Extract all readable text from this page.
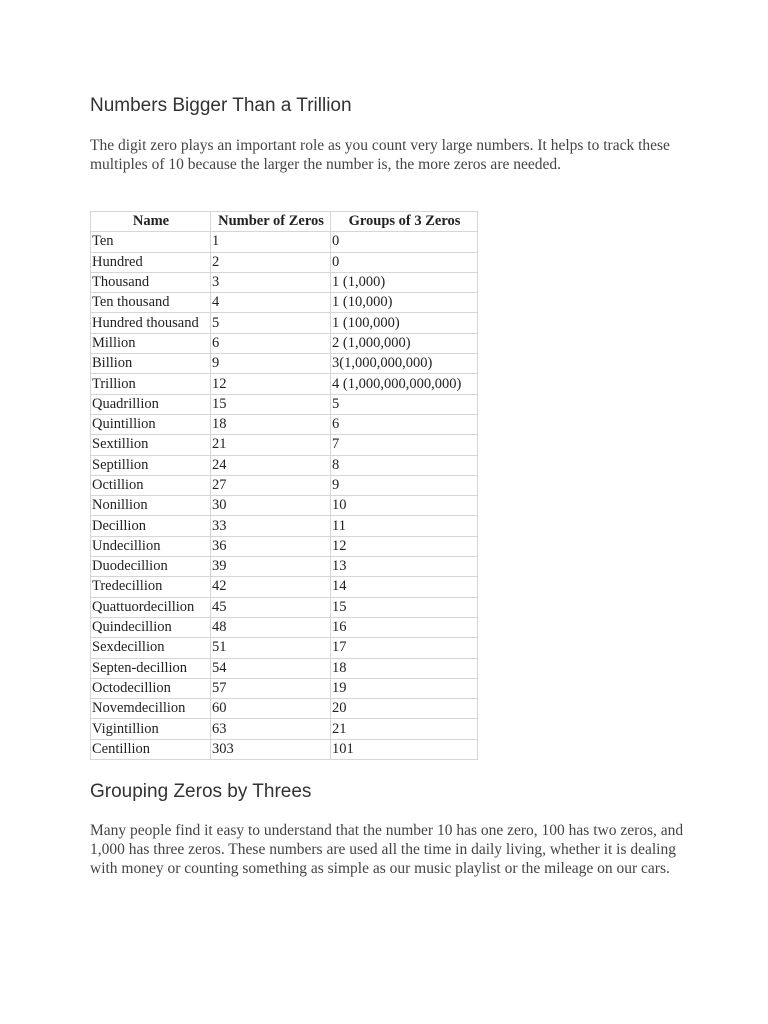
Numbers Bigger Than a Trillion

The digit zero plays an important role as you count very large numbers. It helps to track these multiples of 10 because the larger the number is, the more zeros are needed.

Name	Number of Zeros	Groups of 3 Zeros
Ten	1	0
Hundred	2	0
Thousand	3	1 (1,000)
Ten thousand	4	1 (10,000)
Hundred thousand	5	1 (100,000)
Million	6	2 (1,000,000)
Billion	9	3(1,000,000,000)
Trillion	12	4 (1,000,000,000,000)
Quadrillion	15	5
Quintillion	18	6
Sextillion	21	7
Septillion	24	8
Octillion	27	9
Nonillion	30	10
Decillion	33	11
Undecillion	36	12
Duodecillion	39	13
Tredecillion	42	14
Quattuordecillion	45	15
Quindecillion	48	16
Sexdecillion	51	17
Septen-decillion	54	18
Octodecillion	57	19
Novemdecillion	60	20
Vigintillion	63	21
Centillion	303	101
Grouping Zeros by Threes

Many people find it easy to understand that the number 10 has one zero, 100 has two zeros, and 1,000 has three zeros. These numbers are used all the time in daily living, whether it is dealing with money or counting something as simple as our music playlist or the mileage on our cars.
